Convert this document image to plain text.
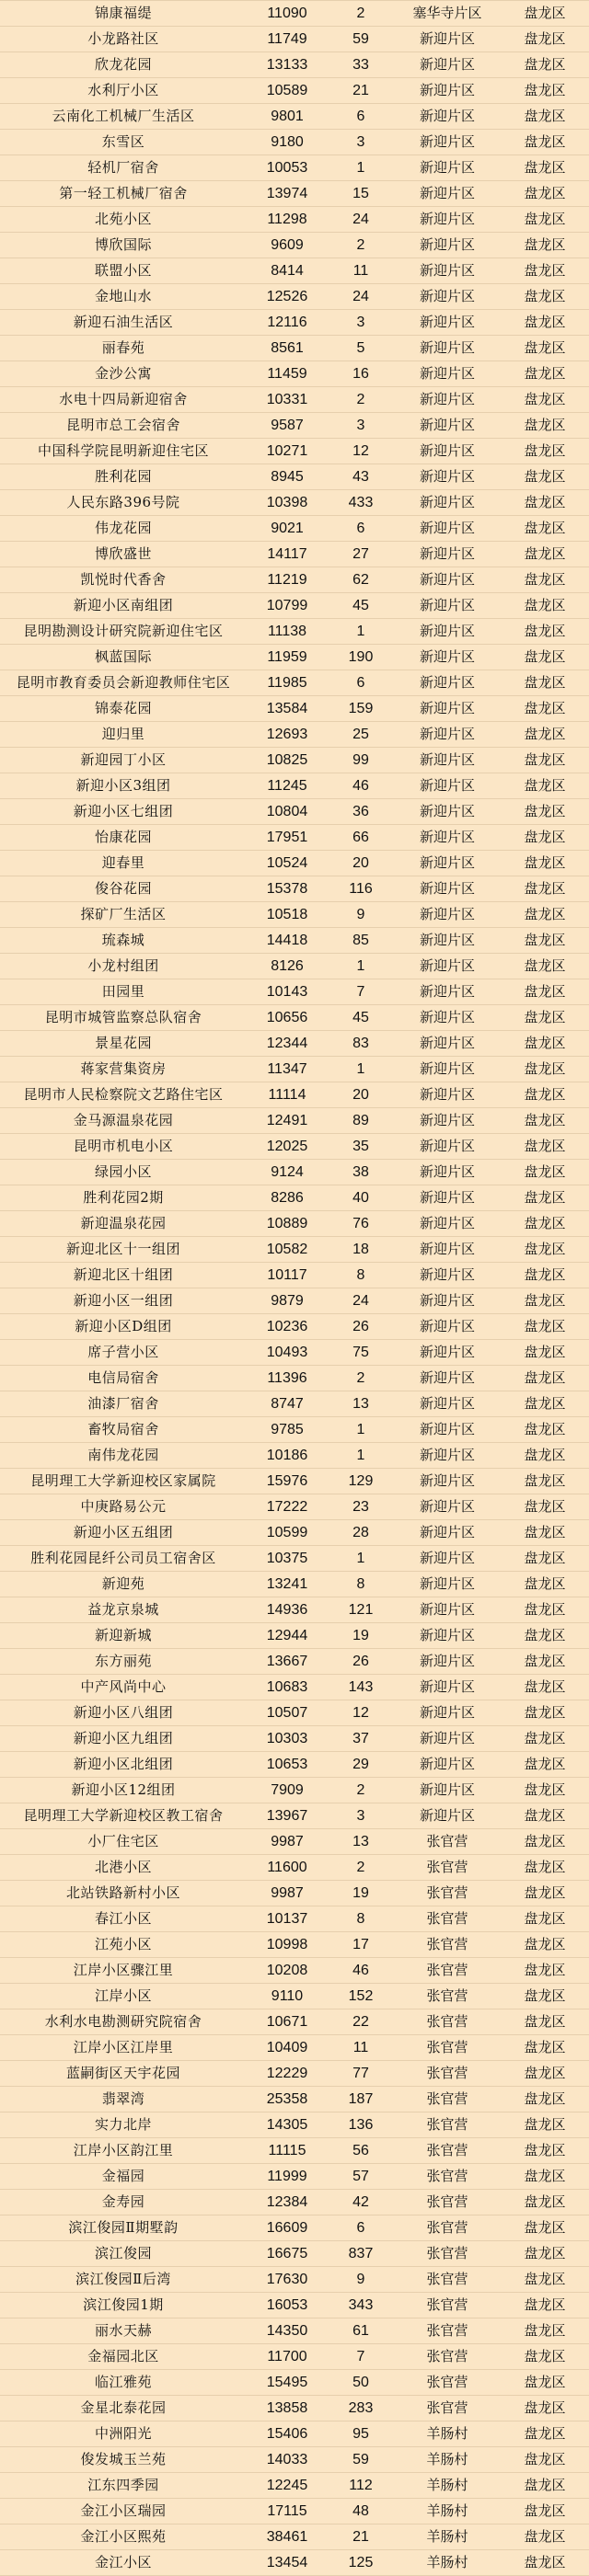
锦康福缇	11090	2	塞华寺片区	盘龙区
小龙路社区	11749	59	新迎片区	盘龙区
欣龙花园	13133	33	新迎片区	盘龙区
水利厅小区	10589	21	新迎片区	盘龙区
云南化工机械厂生活区	9801	6	新迎片区	盘龙区
东雪区	9180	3	新迎片区	盘龙区
轻机厂宿舍	10053	1	新迎片区	盘龙区
第一轻工机械厂宿舍	13974	15	新迎片区	盘龙区
北苑小区	11298	24	新迎片区	盘龙区
博欣国际	9609	2	新迎片区	盘龙区
联盟小区	8414	11	新迎片区	盘龙区
金地山水	12526	24	新迎片区	盘龙区
新迎石油生活区	12116	3	新迎片区	盘龙区
丽春苑	8561	5	新迎片区	盘龙区
金沙公寓	11459	16	新迎片区	盘龙区
水电十四局新迎宿舍	10331	2	新迎片区	盘龙区
昆明市总工会宿舍	9587	3	新迎片区	盘龙区
中国科学院昆明新迎住宅区	10271	12	新迎片区	盘龙区
胜利花园	8945	43	新迎片区	盘龙区
人民东路396号院	10398	433	新迎片区	盘龙区
伟龙花园	9021	6	新迎片区	盘龙区
博欣盛世	14117	27	新迎片区	盘龙区
凯悦时代香舍	11219	62	新迎片区	盘龙区
新迎小区南组团	10799	45	新迎片区	盘龙区
昆明勘测设计研究院新迎住宅区	11138	1	新迎片区	盘龙区
枫蓝国际	11959	190	新迎片区	盘龙区
昆明市教育委员会新迎教师住宅区	11985	6	新迎片区	盘龙区
锦泰花园	13584	159	新迎片区	盘龙区
迎归里	12693	25	新迎片区	盘龙区
新迎园丁小区	10825	99	新迎片区	盘龙区
新迎小区3组团	11245	46	新迎片区	盘龙区
新迎小区七组团	10804	36	新迎片区	盘龙区
怡康花园	17951	66	新迎片区	盘龙区
迎春里	10524	20	新迎片区	盘龙区
俊谷花园	15378	116	新迎片区	盘龙区
探矿厂生活区	10518	9	新迎片区	盘龙区
琉森城	14418	85	新迎片区	盘龙区
小龙村组团	8126	1	新迎片区	盘龙区
田园里	10143	7	新迎片区	盘龙区
昆明市城管监察总队宿舍	10656	45	新迎片区	盘龙区
景星花园	12344	83	新迎片区	盘龙区
蒋家营集资房	11347	1	新迎片区	盘龙区
昆明市人民检察院文艺路住宅区	11114	20	新迎片区	盘龙区
金马源温泉花园	12491	89	新迎片区	盘龙区
昆明市机电小区	12025	35	新迎片区	盘龙区
绿园小区	9124	38	新迎片区	盘龙区
胜利花园2期	8286	40	新迎片区	盘龙区
新迎温泉花园	10889	76	新迎片区	盘龙区
新迎北区十一组团	10582	18	新迎片区	盘龙区
新迎北区十组团	10117	8	新迎片区	盘龙区
新迎小区一组团	9879	24	新迎片区	盘龙区
新迎小区D组团	10236	26	新迎片区	盘龙区
席子营小区	10493	75	新迎片区	盘龙区
电信局宿舍	11396	2	新迎片区	盘龙区
油漆厂宿舍	8747	13	新迎片区	盘龙区
畜牧局宿舍	9785	1	新迎片区	盘龙区
南伟龙花园	10186	1	新迎片区	盘龙区
昆明理工大学新迎校区家属院	15976	129	新迎片区	盘龙区
中庚路易公元	17222	23	新迎片区	盘龙区
新迎小区五组团	10599	28	新迎片区	盘龙区
胜利花园昆纤公司员工宿舍区	10375	1	新迎片区	盘龙区
新迎苑	13241	8	新迎片区	盘龙区
益龙京泉城	14936	121	新迎片区	盘龙区
新迎新城	12944	19	新迎片区	盘龙区
东方丽苑	13667	26	新迎片区	盘龙区
中产风尚中心	10683	143	新迎片区	盘龙区
新迎小区八组团	10507	12	新迎片区	盘龙区
新迎小区九组团	10303	37	新迎片区	盘龙区
新迎小区北组团	10653	29	新迎片区	盘龙区
新迎小区12组团	7909	2	新迎片区	盘龙区
昆明理工大学新迎校区教工宿舍	13967	3	新迎片区	盘龙区
小厂住宅区	9987	13	张官营	盘龙区
北港小区	11600	2	张官营	盘龙区
北站铁路新村小区	9987	19	张官营	盘龙区
春江小区	10137	8	张官营	盘龙区
江苑小区	10998	17	张官营	盘龙区
江岸小区骤江里	10208	46	张官营	盘龙区
江岸小区	9110	152	张官营	盘龙区
水利水电勘测研究院宿舍	10671	22	张官营	盘龙区
江岸小区江岸里	10409	11	张官营	盘龙区
蓝嗣街区天宇花园	12229	77	张官营	盘龙区
翡翠湾	25358	187	张官营	盘龙区
实力北岸	14305	136	张官营	盘龙区
江岸小区韵江里	11115	56	张官营	盘龙区
金福园	11999	57	张官营	盘龙区
金寿园	12384	42	张官营	盘龙区
滨江俊园Ⅱ期墅韵	16609	6	张官营	盘龙区
滨江俊园	16675	837	张官营	盘龙区
滨江俊园Ⅱ后湾	17630	9	张官营	盘龙区
滨江俊园1期	16053	343	张官营	盘龙区
丽水天赫	14350	61	张官营	盘龙区
金福园北区	11700	7	张官营	盘龙区
临江雅苑	15495	50	张官营	盘龙区
金星北泰花园	13858	283	张官营	盘龙区
中洲阳光	15406	95	羊肠村	盘龙区
俊发城玉兰苑	14033	59	羊肠村	盘龙区
江东四季园	12245	112	羊肠村	盘龙区
金江小区瑞园	17115	48	羊肠村	盘龙区
金江小区熙苑	38461	21	羊肠村	盘龙区
金江小区	13454	125	羊肠村	盘龙区
